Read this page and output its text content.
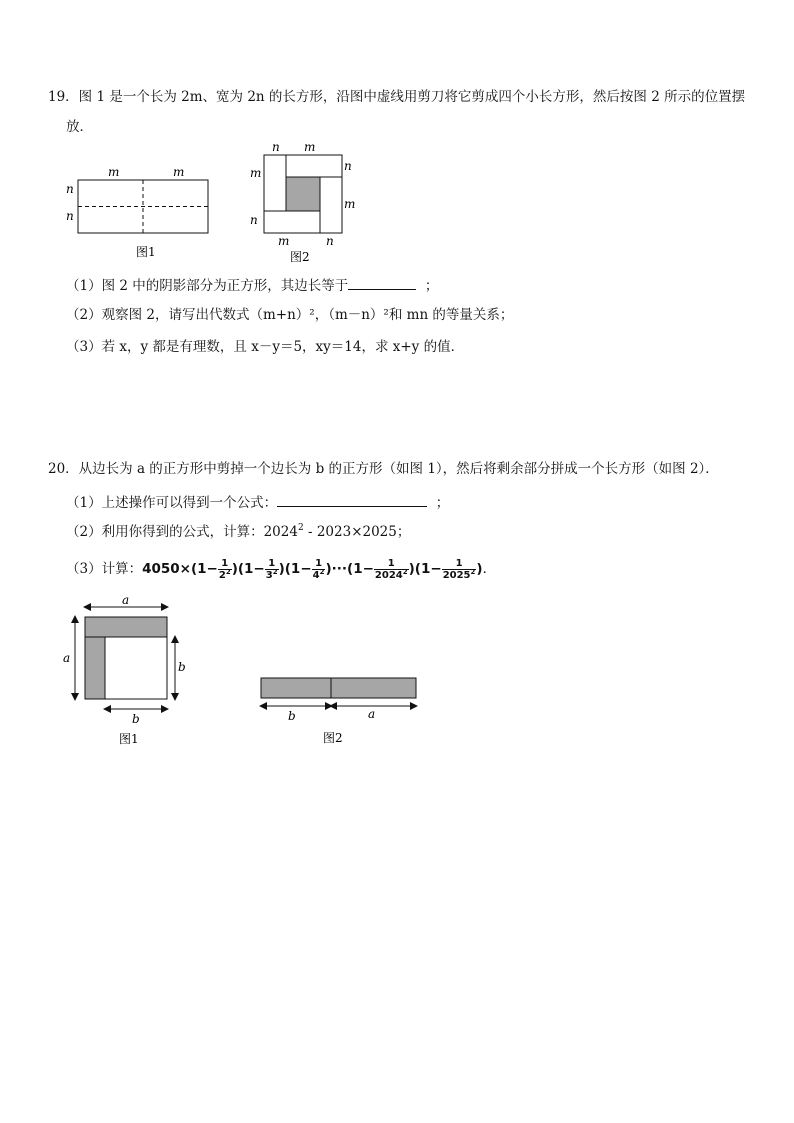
19．图 1 是一个长为 2m、宽为 2n 的长方形，沿图中虚线用剪刀将它剪成四个小长方形，然后按图 2 所示的位置摆
放．
m	m
n
n
图1
n m
m	n
m
n
m	n
图2
（1）图 2 中的阴影部分为正方形，其边长等于	；
（2）观察图 2，请写出代数式（m+n）²，（m－n）²和 mn 的等量关系；
（3）若 x，y 都是有理数，且 x－y＝5，xy＝14，求 x+y 的值．
20．从边长为 a 的正方形中剪掉一个边长为 b 的正方形（如图 1），然后将剩余部分拼成一个长方形（如图 2）．
（1）上述操作可以得到一个公式：	；
（2）利用你得到的公式，计算：2024$^2$ - 2023×2025；
（3）计算：$4050\times(1- \frac{1}{2^2} )(1- \frac{1}{3^2} )(1- \frac{1}{4^2} )\cdot\cdot\cdot(1- \frac{1}{2024^2} )(1- \frac{1}{2025^2}$ )．
a
a
b
b
图1
b	a
图2
